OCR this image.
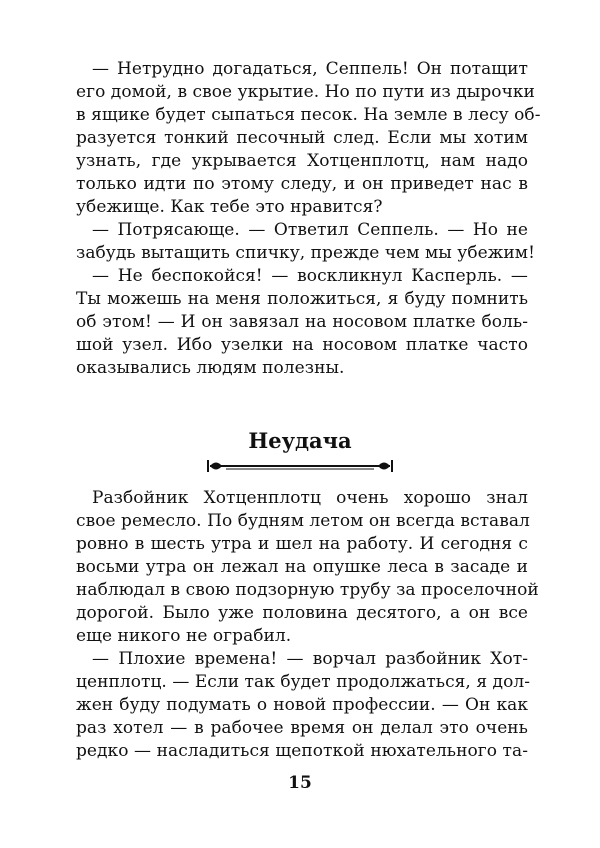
— Нетрудно догадаться, Сеппель! Он потащит
его домой, в свое укрытие. Но по пути из дырочки
в ящике будет сыпаться песок. На земле в лесу об-
разуется тонкий песочный след. Если мы хотим
узнать, где укрывается Хотценплотц, нам надо
только идти по этому следу, и он приведет нас в
убежище. Как тебе это нравится?
— Потрясающе. — Ответил Сеппель. — Но не
забудь вытащить спичку, прежде чем мы убежим!
— Не беспокойся! — воскликнул Касперль. —
Ты можешь на меня положиться, я буду помнить
об этом! — И он завязал на носовом платке боль-
шой узел. Ибо узелки на носовом платке часто
оказывались людям полезны.
Неудача
Разбойник Хотценплотц очень хорошо знал
свое ремесло. По будням летом он всегда вставал
ровно в шесть утра и шел на работу. И сегодня с
восьми утра он лежал на опушке леса в засаде и
наблюдал в свою подзорную трубу за проселочной
дорогой. Было уже половина десятого, а он все
еще никого не ограбил.
— Плохие времена! — ворчал разбойник Хот-
ценплотц. — Если так будет продолжаться, я дол-
жен буду подумать о новой профессии. — Он как
раз хотел — в рабочее время он делал это очень
редко — насладиться щепоткой нюхательного та-
15
